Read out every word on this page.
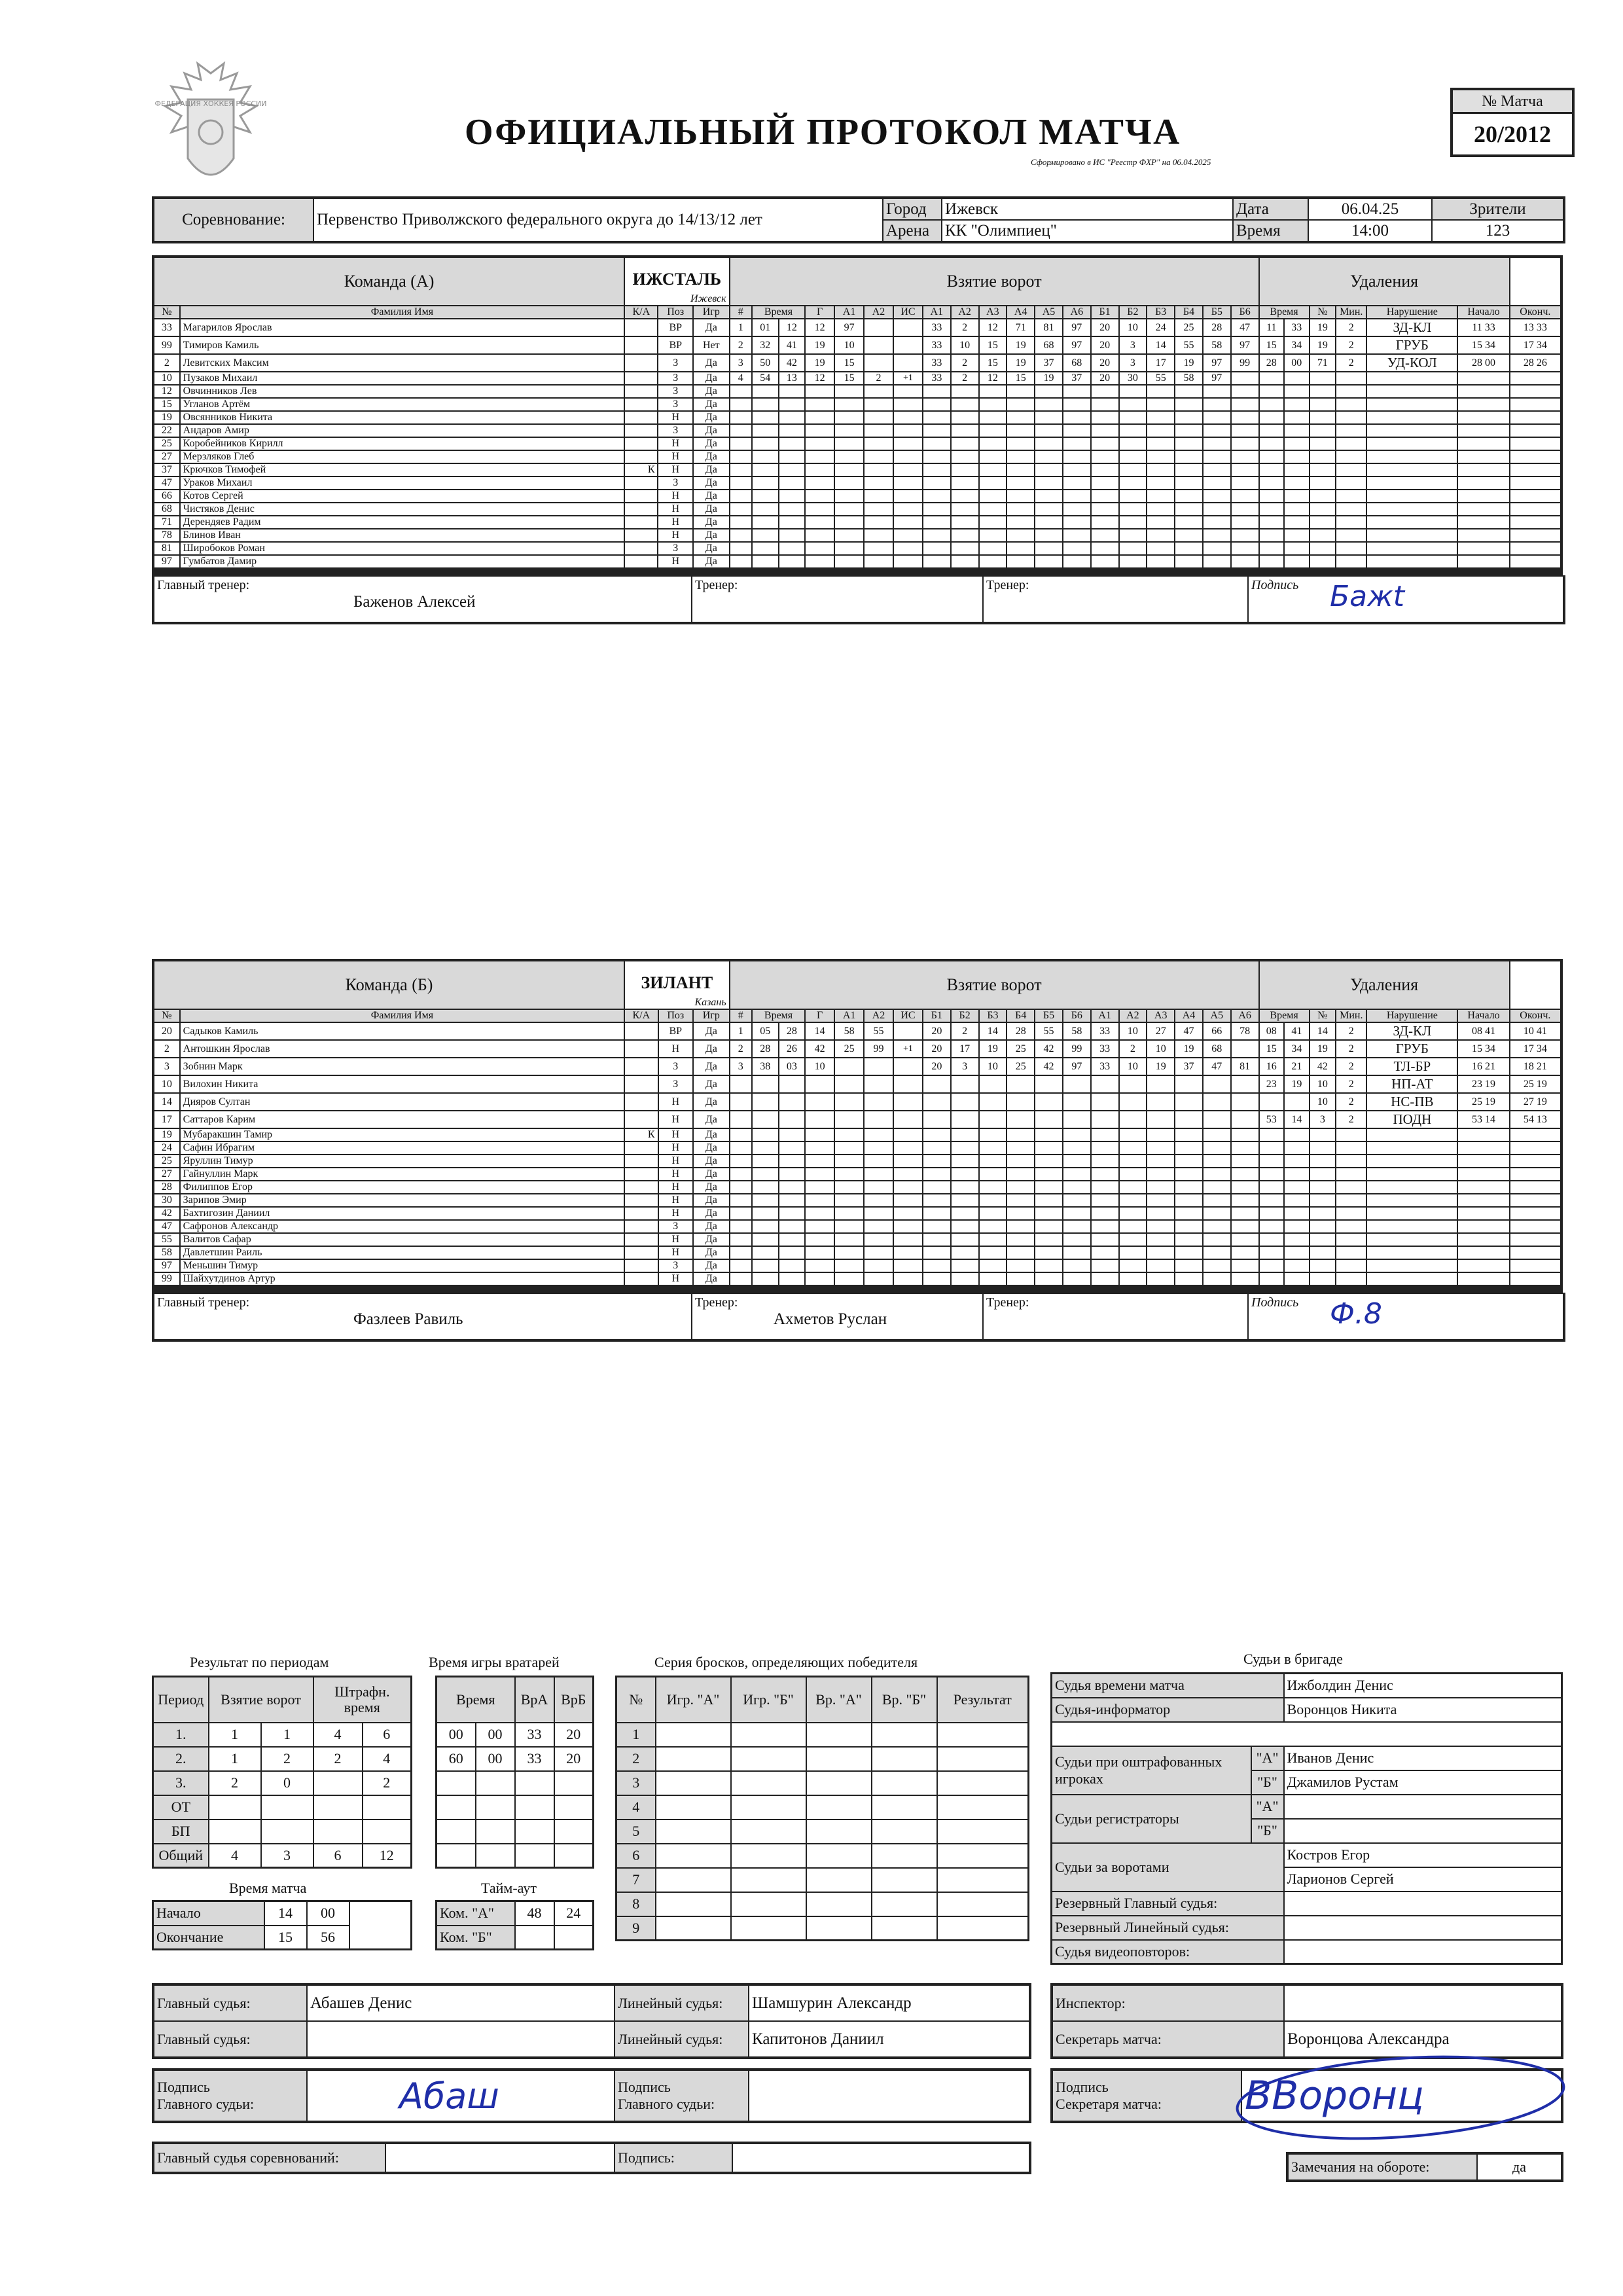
ФЕДЕРАЦИЯ ХОККЕЯ РОССИИ
ОФИЦИАЛЬНЫЙ ПРОТОКОЛ МАТЧА
Сформировано в ИС "Реестр ФХР" на 06.04.2025
№ Матча
20/2012
Соревнование:	Первенство Приволжского федерального округа до 14/13/12 лет	Город	Ижевск	Дата	06.04.25	Зрители
		Арена	КК "Олимпиец"	Время	14:00	123
Команда (А)		ИЖСТАЛЬ
Ижевск			Взятие ворот																			Удаления						
№	Фамилия Имя	К/А	Поз	Игр	#	Время		Г	А1	А2	ИС	А1	А2	А3	А4	А5	А6	Б1	Б2	Б3	Б4	Б5	Б6	Время		№	Мин.	Нарушение	Начало	Оконч.
33	Магарилов Ярослав		ВР	Да	1	01	12	12	97			33	2	12	71	81	97	20	10	24	25	28	47	11	33	19	2	ЗД-КЛ	11 33	13 33
99	Тимиров Камиль		ВР	Нет	2	32	41	19	10			33	10	15	19	68	97	20	3	14	55	58	97	15	34	19	2	ГРУБ	15 34	17 34
2	Левитских Максим		З	Да	3	50	42	19	15			33	2	15	19	37	68	20	3	17	19	97	99	28	00	71	2	УД-КОЛ	28 00	28 26
10	Пузаков Михаил		З	Да	4	54	13	12	15	2	+1	33	2	12	15	19	37	20	30	55	58	97								
12	Овчинников Лев		З	Да																										
15	Угланов Артём		З	Да																										
19	Овсянников Никита		Н	Да																										
22	Андаров Амир		З	Да																										
25	Коробейников Кирилл		Н	Да																										
27	Мерзляков Глеб		Н	Да																										
37	Крючков Тимофей	К	Н	Да																										
47	Ураков Михаил		З	Да																										
66	Котов Сергей		Н	Да																										
68	Чистяков Денис		Н	Да																										
71	Дерендяев Радим		Н	Да																										
78	Блинов Иван		Н	Да																										
81	Широбоков Роман		З	Да																										
97	Гумбатов Дамир		Н	Да																										

Главный тренер:
Баженов Алексей

Тренер:	Тренер:	Подпись	Бажt
Команда (Б)		ЗИЛАНТ
Казань			Взятие ворот																			Удаления						
№	Фамилия Имя	К/А	Поз	Игр	#	Время		Г	А1	А2	ИС	Б1	Б2	Б3	Б4	Б5	Б6	А1	А2	А3	А4	А5	А6	Время		№	Мин.	Нарушение	Начало	Оконч.
20	Садыков Камиль		ВР	Да	1	05	28	14	58	55		20	2	14	28	55	58	33	10	27	47	66	78	08	41	14	2	ЗД-КЛ	08 41	10 41
2	Антошкин Ярослав		Н	Да	2	28	26	42	25	99	+1	20	17	19	25	42	99	33	2	10	19	68		15	34	19	2	ГРУБ	15 34	17 34
3	Зобнин Марк		З	Да	3	38	03	10				20	3	10	25	42	97	33	10	19	37	47	81	16	21	42	2	ТЛ-БР	16 21	18 21
10	Вилохин Никита		З	Да																				23	19	10	2	НП-АТ	23 19	25 19
14	Дияров Султан		Н	Да																						10	2	НС-ПВ	25 19	27 19
17	Саттаров Карим		Н	Да																				53	14	3	2	ПОДН	53 14	54 13
19	Мубаракшин Тамир	К	Н	Да																										
24	Сафин Ибрагим		Н	Да																										
25	Яруллин Тимур		Н	Да																										
27	Гайнуллин Марк		Н	Да																										
28	Филиппов Егор		Н	Да																										
30	Зарипов Эмир		Н	Да																										
42	Бахтигозин Даниил		Н	Да																										
47	Сафронов Александр		З	Да																										
55	Валитов Сафар		Н	Да																										
58	Давлетшин Раиль		Н	Да																										
97	Меньшин Тимур		З	Да																										
99	Шайхутдинов Артур		Н	Да																										

Главный тренер:
Фазлеев Равиль

Тренер:
Ахметов Руслан

Тренер:	Подпись	Ф.8
Результат по периодам
Период	Взятие ворот		Штрафн. время	
1.	1	1	4	6
2.	1	2	2	4
3.	2	0		2
ОТ				
БП				
Общий	4	3	6	12
Время игры вратарей
Время		ВрА	ВрБ
00	00	33	20
60	00	33	20

Время матча
Начало	14	00	
Окончание	15	56	
Тайм-аут
Ком. "А"	48	24
Ком. "Б"		
Серия бросков, определяющих победителя
№	Игр. "А"	Игр. "Б"	Вр. "А"	Вр. "Б"	Результат
1					
2					
3					
4					
5					
6					
7					
8					
9					
Судьи в бригаде
Судья времени матча		Ижболдин Денис
Судья-информатор		Воронцов Никита

Судьи при оштрафованных игроках	"А"	Иванов Денис
	"Б"	Джамилов Рустам
Судьи регистраторы	"А"	
	"Б"	
Судьи за воротами		Костров Егор
		Ларионов Сергей
Резервный Главный судья:		
Резервный Линейный судья:		
Судья видеоповторов:		
Главный судья:	Абашев Денис	Линейный судья:	Шамшурин Александр
Главный судья:		Линейный судья:	Капитонов Даниил
Инспектор:	
Секретарь матча:	Воронцова Александра
Подпись
Главного судьи:	Абаш	Подпись
Главного судьи:

Подпись
Секретаря матча:	ВВоронц
Главный судья соревнований:		Подпись:	
Замечания на обороте:	да
